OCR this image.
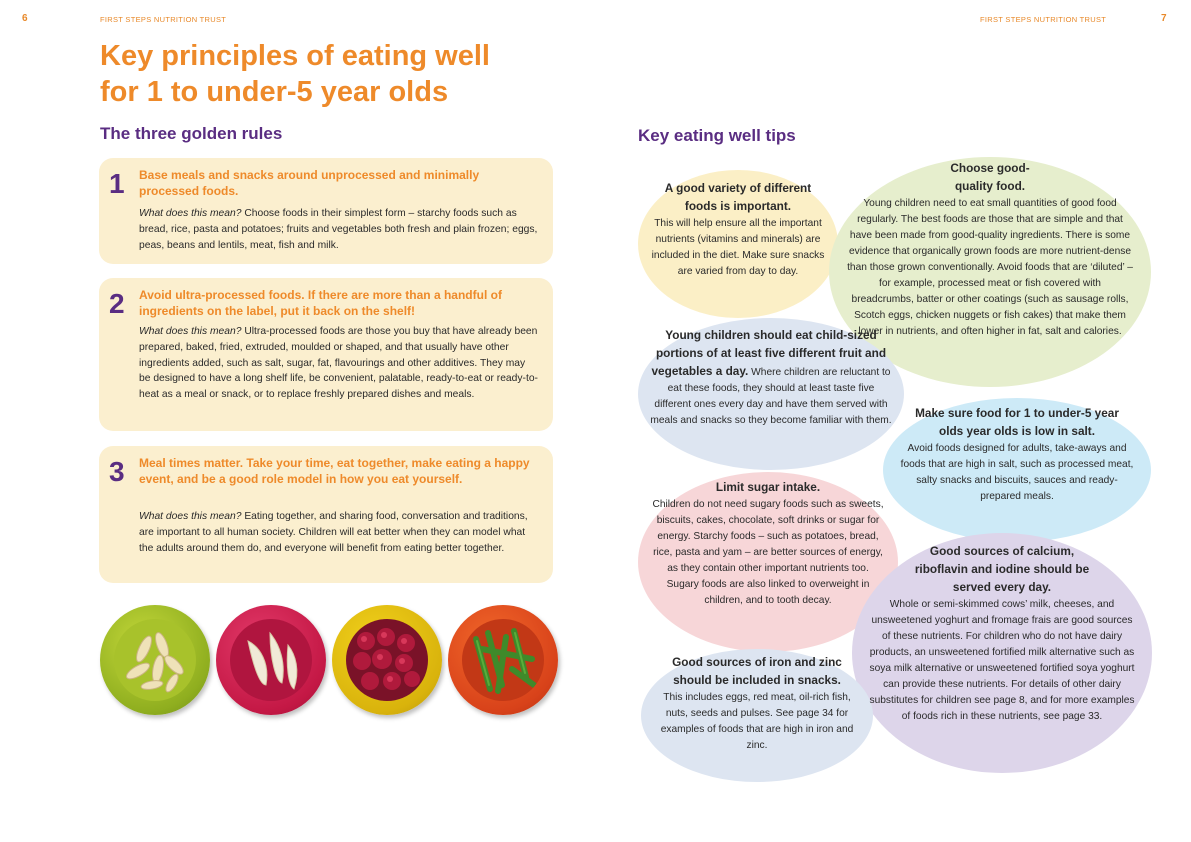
6	FIRST STEPS NUTRITION TRUST	FIRST STEPS NUTRITION TRUST	7
Key principles of eating well
for 1 to under-5 year olds
The three golden rules
1 Base meals and snacks around unprocessed and minimally processed foods.
What does this mean? Choose foods in their simplest form – starchy foods such as bread, rice, pasta and potatoes; fruits and vegetables both fresh and plain frozen; eggs, peas, beans and lentils, meat, fish and milk.
2 Avoid ultra-processed foods. If there are more than a handful of ingredients on the label, put it back on the shelf!
What does this mean? Ultra-processed foods are those you buy that have already been prepared, baked, fried, extruded, moulded or shaped, and that usually have other ingredients added, such as salt, sugar, fat, flavourings and other additives. They may be designed to have a long shelf life, be convenient, palatable, ready-to-eat or ready-to-heat as a meal or snack, or to replace freshly prepared dishes and meals.
3 Meal times matter. Take your time, eat together, make eating a happy event, and be a good role model in how you eat yourself.
What does this mean? Eating together, and sharing food, conversation and traditions, are important to all human society. Children will eat better when they can model what the adults around them do, and everyone will benefit from eating better together.
Key eating well tips
A good variety of different foods is important.
This will help ensure all the important nutrients (vitamins and minerals) are included in the diet. Make sure snacks are varied from day to day.
Choose good-quality food.
Young children need to eat small quantities of good food regularly. The best foods are those that are simple and that have been made from good-quality ingredients. There is some evidence that organically grown foods are more nutrient-dense than those grown conventionally. Avoid foods that are ‘diluted’ – for example, processed meat or fish covered with breadcrumbs, batter or other coatings (such as sausage rolls, Scotch eggs, chicken nuggets or fish cakes) that make them lower in nutrients, and often higher in fat, salt and calories.
Young children should eat child-sized portions of at least five different fruit and vegetables a day. Where children are reluctant to eat these foods, they should at least taste five different ones every day and have them served with meals and snacks so they become familiar with them.
Make sure food for 1 to under-5 year olds year olds is low in salt.
Avoid foods designed for adults, take-aways and foods that are high in salt, such as processed meat, salty snacks and biscuits, sauces and ready-prepared meals.
Limit sugar intake.
Children do not need sugary foods such as sweets, biscuits, cakes, chocolate, soft drinks or sugar for energy. Starchy foods – such as potatoes, bread, rice, pasta and yam – are better sources of energy, as they contain other important nutrients too. Sugary foods are also linked to overweight in children, and to tooth decay.
Good sources of calcium, riboflavin and iodine should be served every day.
Whole or semi-skimmed cows’ milk, cheeses, and unsweetened yoghurt and fromage frais are good sources of these nutrients. For children who do not have dairy products, an unsweetened fortified milk alternative such as soya milk alternative or unsweetened fortified soya yoghurt can provide these nutrients. For details of other dairy substitutes for children see page 8, and for more examples of foods rich in these nutrients, see page 33.
Good sources of iron and zinc should be included in snacks.
This includes eggs, red meat, oil-rich fish, nuts, seeds and pulses. See page 34 for examples of foods that are high in iron and zinc.
